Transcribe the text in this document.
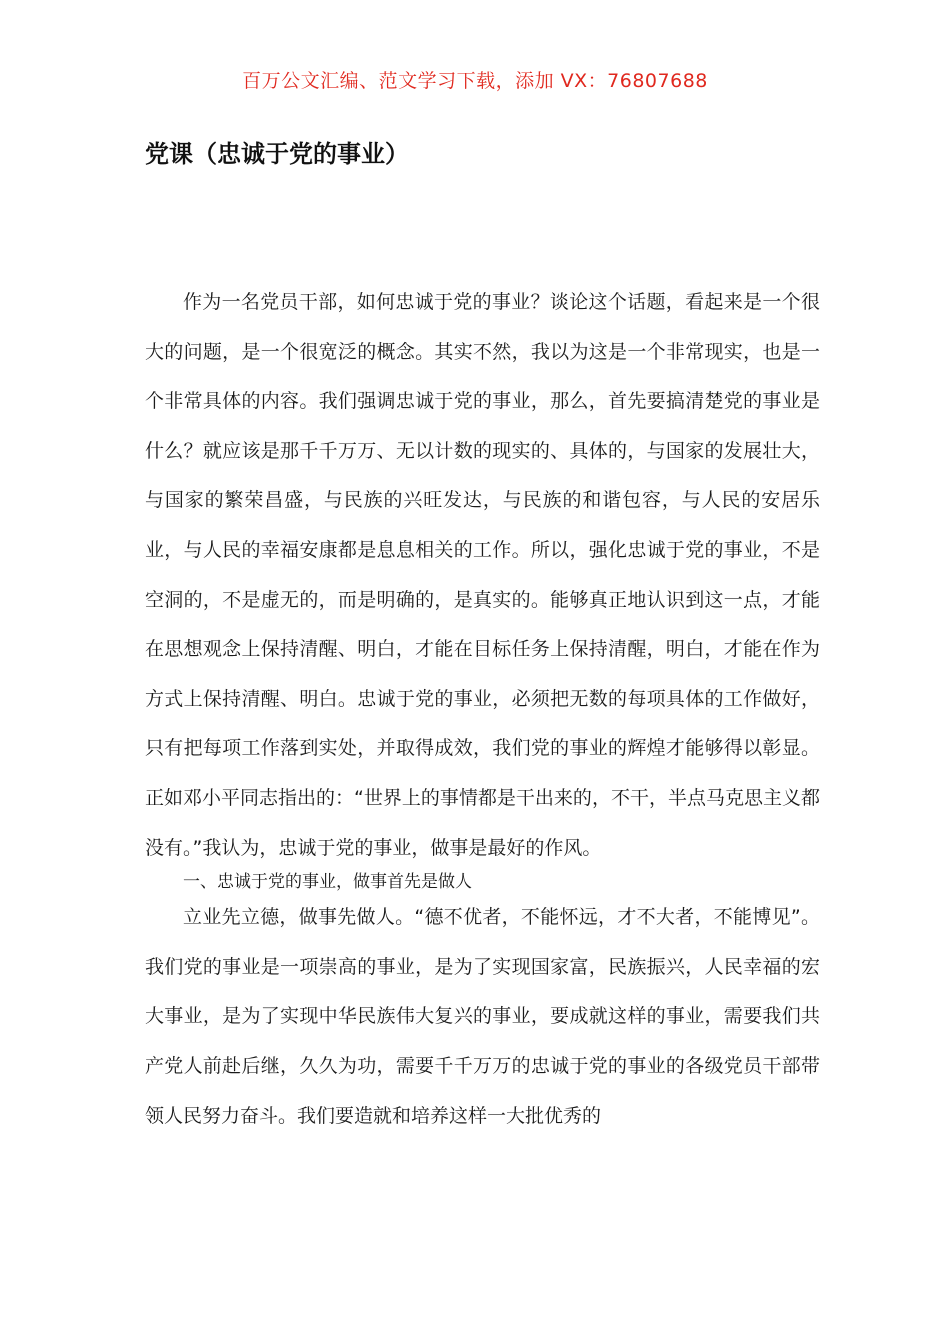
百万公文汇编、范文学习下载，添加 VX：76807688
党课（忠诚于党的事业）

作为一名党员干部，如何忠诚于党的事业？谈论这个话题，看起来是一个很大的问题，是一个很宽泛的概念。其实不然，我以为这是一个非常现实，也是一个非常具体的内容。我们强调忠诚于党的事业，那么，首先要搞清楚党的事业是什么？就应该是那千千万万、无以计数的现实的、具体的，与国家的发展壮大，与国家的繁荣昌盛，与民族的兴旺发达，与民族的和谐包容，与人民的安居乐业，与人民的幸福安康都是息息相关的工作。所以，强化忠诚于党的事业，不是空洞的，不是虚无的，而是明确的，是真实的。能够真正地认识到这一点，才能在思想观念上保持清醒、明白，才能在目标任务上保持清醒，明白，才能在作为方式上保持清醒、明白。忠诚于党的事业，必须把无数的每项具体的工作做好，只有把每项工作落到实处，并取得成效，我们党的事业的辉煌才能够得以彰显。正如邓小平同志指出的：“世界上的事情都是干出来的，不干，半点马克思主义都没有。”我认为，忠诚于党的事业，做事是最好的作风。

一、忠诚于党的事业，做事首先是做人

立业先立德，做事先做人。“德不优者，不能怀远，才不大者，不能博见”。我们党的事业是一项崇高的事业，是为了实现国家富，民族振兴，人民幸福的宏大事业，是为了实现中华民族伟大复兴的事业，要成就这样的事业，需要我们共产党人前赴后继，久久为功，需要千千万万的忠诚于党的事业的各级党员干部带领人民努力奋斗。我们要造就和培养这样一大批优秀的
